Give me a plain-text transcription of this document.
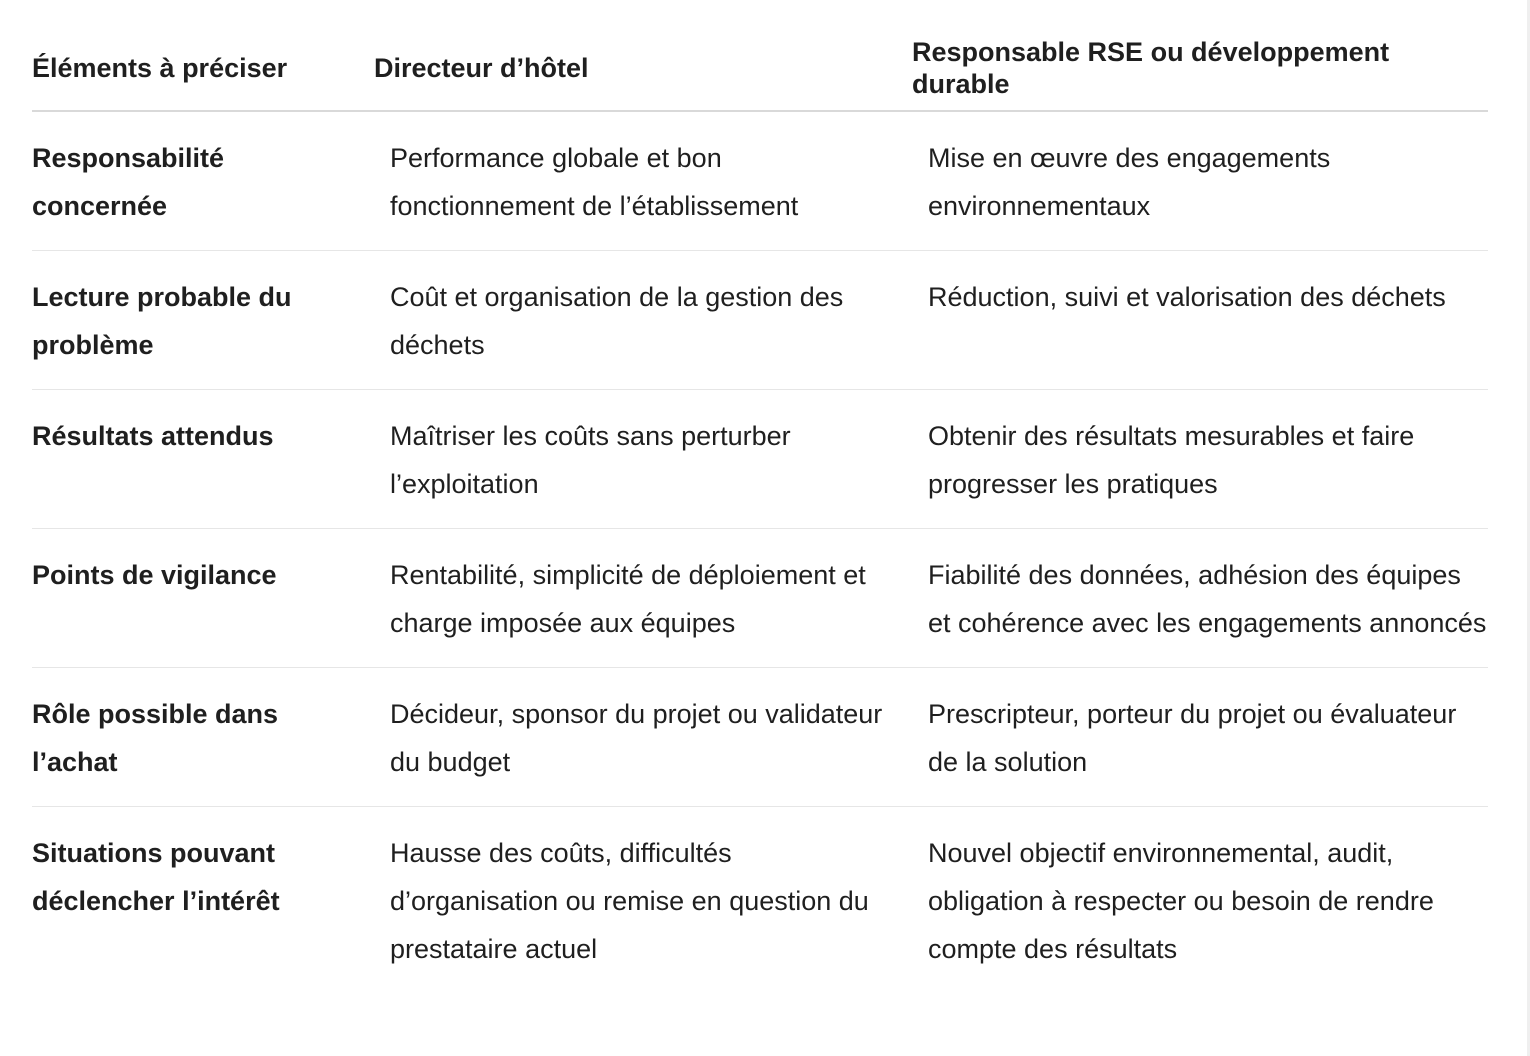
Éléments à préciser	Directeur d’hôtel	Responsable RSE ou développement durable
Responsabilité concernée	Performance globale et bon fonctionnement de l’établissement	Mise en œuvre des engagements environnementaux
Lecture probable du problème	Coût et organisation de la gestion des déchets	Réduction, suivi et valorisation des déchets
Résultats attendus	Maîtriser les coûts sans perturber l’exploitation	Obtenir des résultats mesurables et faire progresser les pratiques
Points de vigilance	Rentabilité, simplicité de déploiement et charge imposée aux équipes	Fiabilité des données, adhésion des équipes et cohérence avec les engagements annoncés
Rôle possible dans l’achat	Décideur, sponsor du projet ou validateur du budget	Prescripteur, porteur du projet ou évaluateur de la solution
Situations pouvant déclencher l’intérêt	Hausse des coûts, difficultés d’organisation ou remise en question du prestataire actuel	Nouvel objectif environnemental, audit, obligation à respecter ou besoin de rendre compte des résultats
